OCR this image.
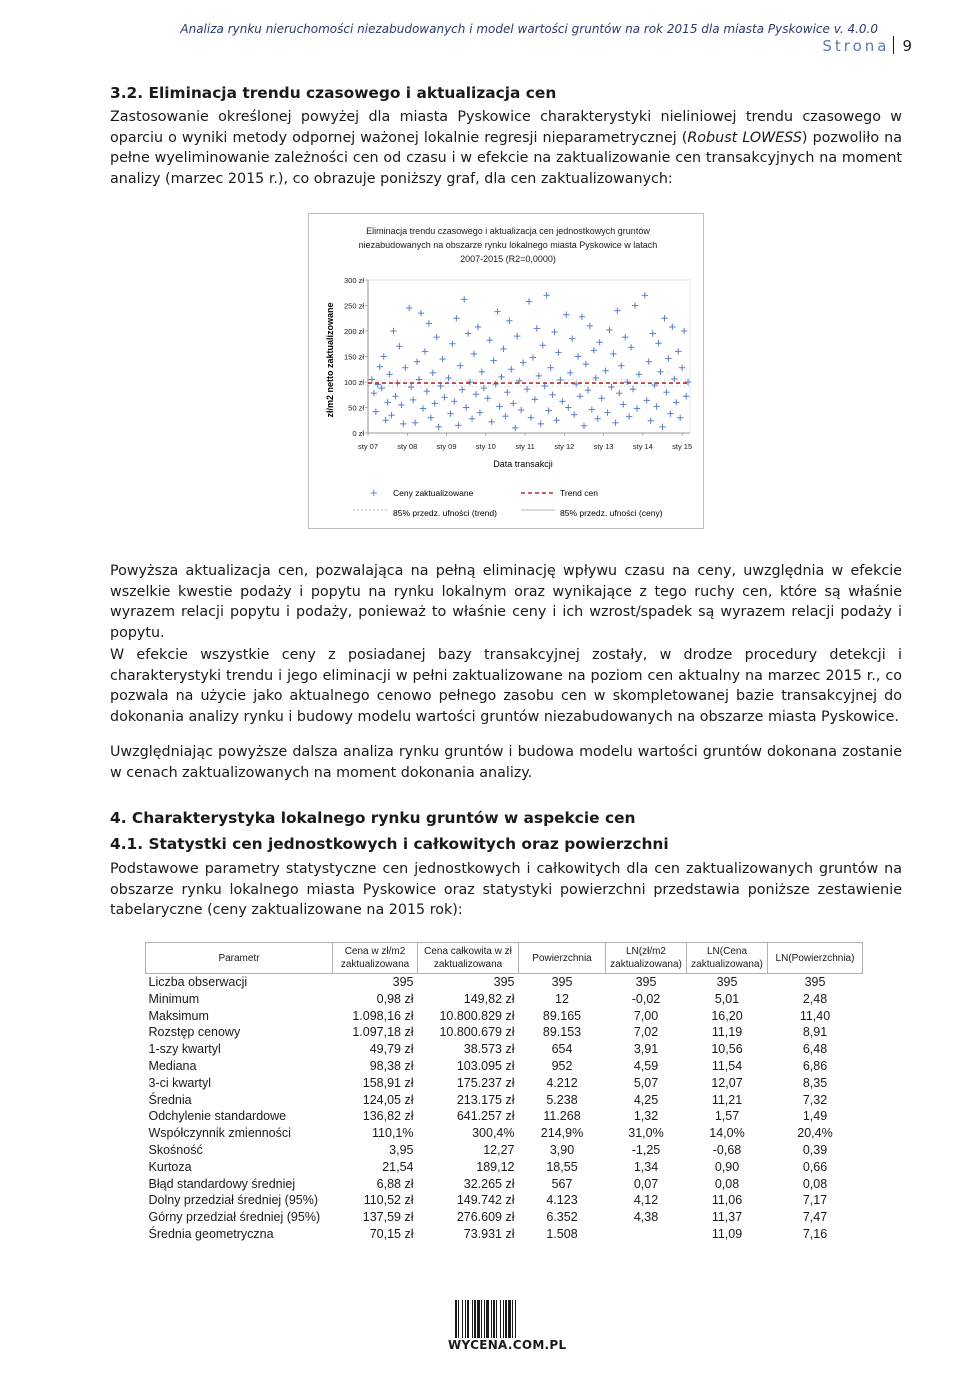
Analiza rynku nieruchomości niezabudowanych i model wartości gruntów na rok 2015 dla miasta Pyskowice v. 4.0.0
Strona 9
3.2. Eliminacja trendu czasowego i aktualizacja cen
Zastosowanie określonej powyżej dla miasta Pyskowice charakterystyki nieliniowej trendu czasowego w oparciu o wyniki metody odpornej ważonej lokalnie regresji nieparametrycznej (Robust LOWESS) pozwoliło na pełne wyeliminowanie zależności cen od czasu i w efekcie na zaktualizowanie cen transakcyjnych na moment analizy (marzec 2015 r.), co obrazuje poniższy graf, dla cen zaktualizowanych:
Eliminacja trendu czasowego i aktualizacja cen jednostkowych gruntów niezabudowanych na obszarze rynku lokalnego miasta Pyskowice w latach 2007-2015 (R2=0,0000)
0 zł
50 zł
100 zł
150 zł
200 zł
250 zł
300 zł
sty 07	sty 08	sty 09	sty 10	sty 11	sty 12	sty 13	sty 14	sty 15
zł/m2 netto zaktualizowane
Data transakcji
+ Ceny zaktualizowane	Trend cen
85% przedz. ufności (trend)	85% przedz. ufności (ceny)
Powyższa aktualizacja cen, pozwalająca na pełną eliminację wpływu czasu na ceny, uwzględnia w efekcie wszelkie kwestie podaży i popytu na rynku lokalnym oraz wynikające z tego ruchy cen, które są właśnie wyrazem relacji popytu i podaży, ponieważ to właśnie ceny i ich wzrost/spadek są wyrazem relacji podaży i popytu.
W efekcie wszystkie ceny z posiadanej bazy transakcyjnej zostały, w drodze procedury detekcji i charakterystyki trendu i jego eliminacji w pełni zaktualizowane na poziom cen aktualny na marzec 2015 r., co pozwala na użycie jako aktualnego cenowo pełnego zasobu cen w skompletowanej bazie transakcyjnej do dokonania analizy rynku i budowy modelu wartości gruntów niezabudowanych na obszarze miasta Pyskowice.
Uwzględniając powyższe dalsza analiza rynku gruntów i budowa modelu wartości gruntów dokonana zostanie w cenach zaktualizowanych na moment dokonania analizy.
4. Charakterystyka lokalnego rynku gruntów w aspekcie cen
4.1. Statystki cen jednostkowych i całkowitych oraz powierzchni
Podstawowe parametry statystyczne cen jednostkowych i całkowitych dla cen zaktualizowanych gruntów na obszarze rynku lokalnego miasta Pyskowice oraz statystyki powierzchni przedstawia poniższe zestawienie tabelaryczne (ceny zaktualizowane na 2015 rok):
Parametr	Cena w zł/m2 zaktualizowana	Cena całkowita w zł zaktualizowana	Powierzchnia	LN(zł/m2 zaktualizowana)	LN(Cena zaktualizowana)	LN(Powierzchnia)
Liczba obserwacji	395	395	395	395	395	395
Minimum	0,98 zł	149,82 zł	12	-0,02	5,01	2,48
Maksimum	1.098,16 zł	10.800.829 zł	89.165	7,00	16,20	11,40
Rozstęp cenowy	1.097,18 zł	10.800.679 zł	89.153	7,02	11,19	8,91
1-szy kwartyl	49,79 zł	38.573 zł	654	3,91	10,56	6,48
Mediana	98,38 zł	103.095 zł	952	4,59	11,54	6,86
3-ci kwartyl	158,91 zł	175.237 zł	4.212	5,07	12,07	8,35
Średnia	124,05 zł	213.175 zł	5.238	4,25	11,21	7,32
Odchylenie standardowe	136,82 zł	641.257 zł	11.268	1,32	1,57	1,49
Współczynnik zmienności	110,1%	300,4%	214,9%	31,0%	14,0%	20,4%
Skośność	3,95	12,27	3,90	-1,25	-0,68	0,39
Kurtoza	21,54	189,12	18,55	1,34	0,90	0,66
Błąd standardowy średniej	6,88 zł	32.265 zł	567	0,07	0,08	0,08
Dolny przedział średniej (95%)	110,52 zł	149.742 zł	4.123	4,12	11,06	7,17
Górny przedział średniej (95%)	137,59 zł	276.609 zł	6.352	4,38	11,37	7,47
Średnia geometryczna	70,15 zł	73.931 zł	1.508		11,09	7,16
WYCENA.COM.PL
